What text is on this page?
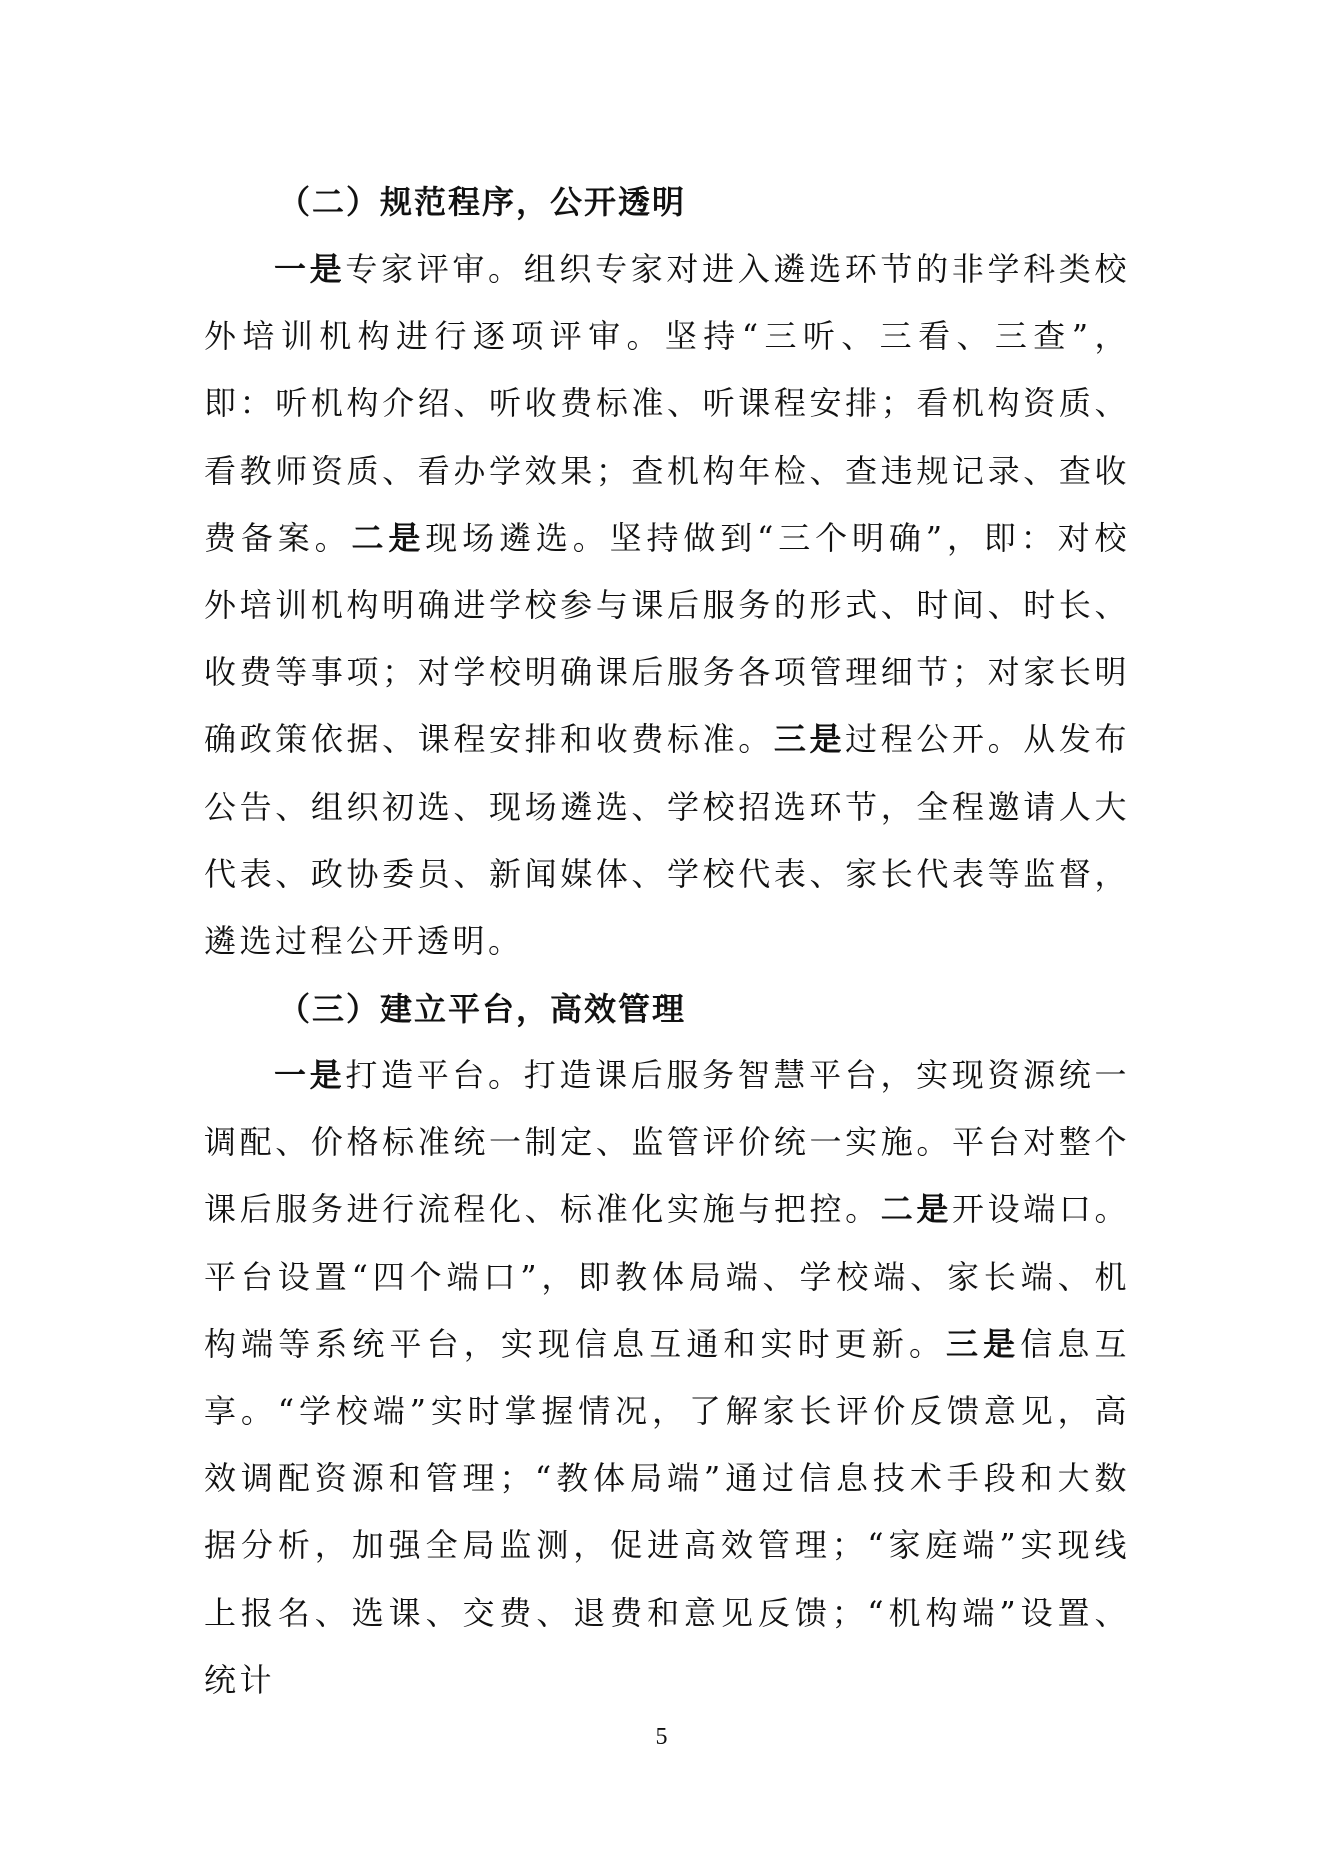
（二）规范程序，公开透明

一是专家评审。组织专家对进入遴选环节的非学科类校外培训机构进行逐项评审。坚持“三听、三看、三查”，即：听机构介绍、听收费标准、听课程安排；看机构资质、看教师资质、看办学效果；查机构年检、查违规记录、查收费备案。二是现场遴选。坚持做到“三个明确”，即：对校外培训机构明确进学校参与课后服务的形式、时间、时长、收费等事项；对学校明确课后服务各项管理细节；对家长明确政策依据、课程安排和收费标准。三是过程公开。从发布公告、组织初选、现场遴选、学校招选环节，全程邀请人大代表、政协委员、新闻媒体、学校代表、家长代表等监督，遴选过程公开透明。

（三）建立平台，高效管理

一是打造平台。打造课后服务智慧平台，实现资源统一调配、价格标准统一制定、监管评价统一实施。平台对整个课后服务进行流程化、标准化实施与把控。二是开设端口。平台设置“四个端口”，即教体局端、学校端、家长端、机构端等系统平台，实现信息互通和实时更新。三是信息互享。“学校端”实时掌握情况，了解家长评价反馈意见，高效调配资源和管理；“教体局端”通过信息技术手段和大数据分析，加强全局监测，促进高效管理；“家庭端”实现线上报名、选课、交费、退费和意见反馈；“机构端”设置、统计

5
